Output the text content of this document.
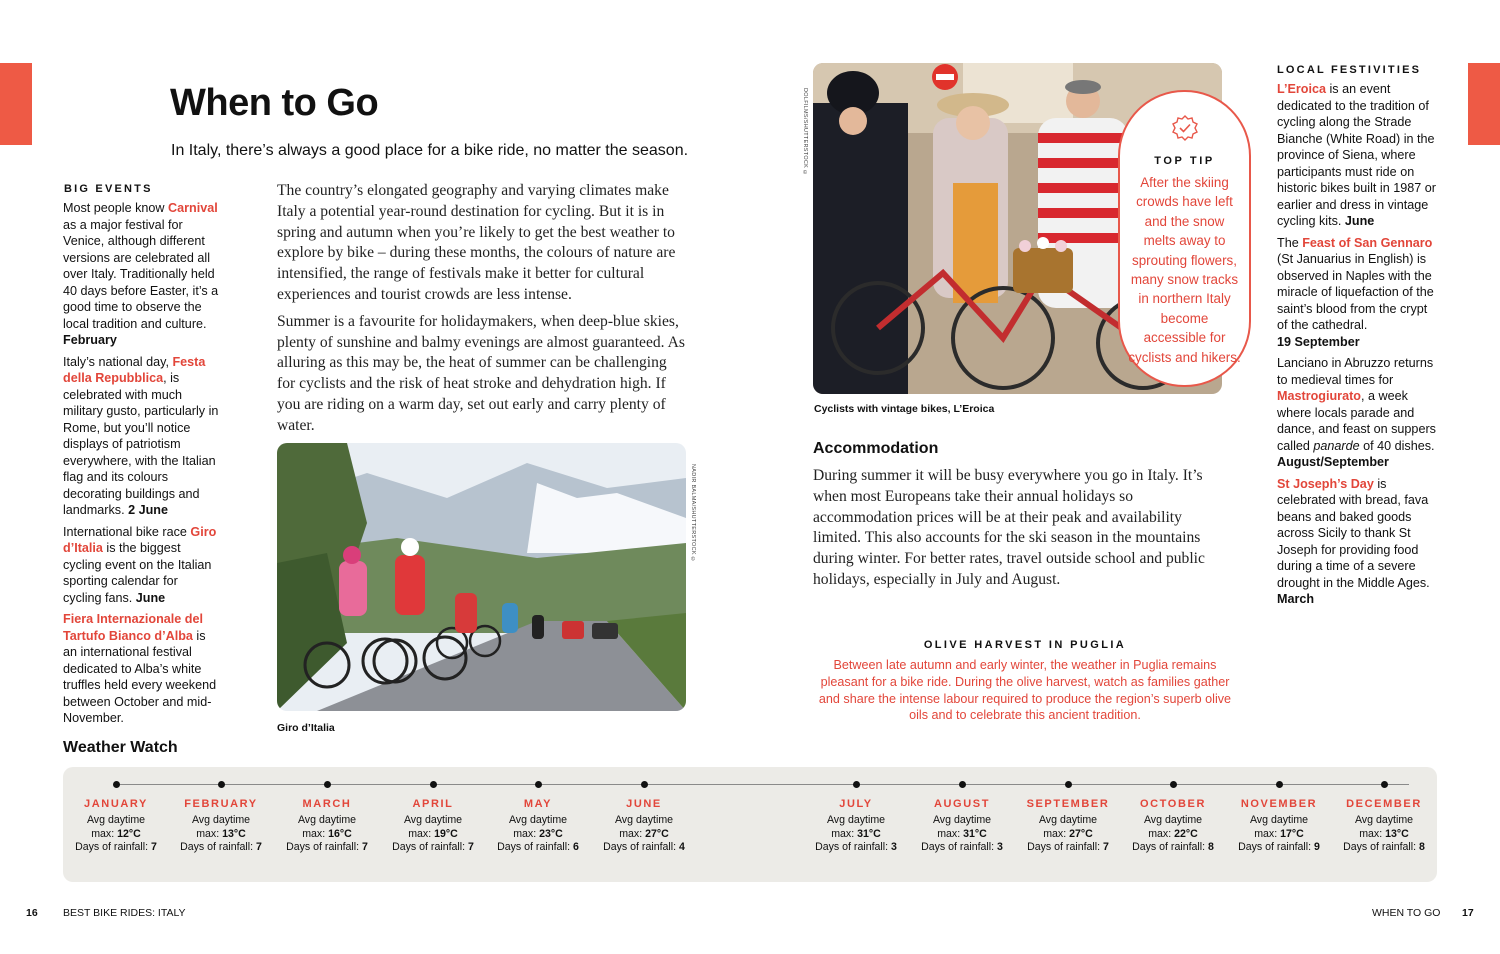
When to Go
In Italy, there’s always a good place for a bike ride, no matter the season.
BIG EVENTS

Most people know Carnival as a major festival for Venice, although different versions are celebrated all over Italy. Traditionally held 40 days before Easter, it’s a good time to observe the local tradition and culture.
February

Italy’s national day, Festa della Repubblica, is celebrated with much military gusto, particularly in Rome, but you’ll notice displays of patriotism everywhere, with the Italian flag and its colours decorating buildings and landmarks. 2 June

International bike race Giro d’Italia is the biggest cycling event on the Italian sporting calendar for cycling fans. June

Fiera Internazionale del Tartufo Bianco d’Alba is an international festival dedicated to Alba’s white truffles held every weekend between October and mid-November.

The country’s elongated geography and varying climates make Italy a potential year-round destination for cycling. But it is in spring and autumn when you’re likely to get the best weather to explore by bike – during these months, the colours of nature are intensified, the range of festivals make it better for cultural experiences and tourist crowds are less intense.

Summer is a favourite for holidaymakers, when deep-blue skies, plenty of sunshine and balmy evenings are almost guaranteed. As alluring as this may be, the heat of summer can be challenging for cyclists and the risk of heat stroke and dehydration high. If you are riding on a warm day, set out early and carry plenty of water.

NADIR BALMA/SHUTTERSTOCK ©
Giro d’Italia
DOLFILMS/SHUTTERSTOCK ©
Cyclists with vintage bikes, L’Eroica
TOP TIP
After the skiing crowds have left and the snow melts away to sprouting flowers, many snow tracks in northern Italy become accessible for cyclists and hikers.
Accommodation
During summer it will be busy everywhere you go in Italy. It’s when most Europeans take their annual holidays so accommodation prices will be at their peak and availability limited. This also accounts for the ski season in the mountains during winter. For better rates, travel outside school and public holidays, especially in July and August.
OLIVE HARVEST IN PUGLIA
Between late autumn and early winter, the weather in Puglia remains pleasant for a bike ride. During the olive harvest, watch as families gather and share the intense labour required to produce the region’s superb olive oils and to celebrate this ancient tradition.
LOCAL FESTIVITIES

L’Eroica is an event dedicated to the tradition of cycling along the Strade Bianche (White Road) in the province of Siena, where participants must ride on historic bikes built in 1987 or earlier and dress in vintage cycling kits. June

The Feast of San Gennaro (St Januarius in English) is observed in Naples with the miracle of liquefaction of the saint’s blood from the crypt of the cathedral.
19 September

Lanciano in Abruzzo returns to medieval times for Mastrogiurato, a week where locals parade and dance, and feast on suppers called panarde of 40 dishes.
August/September

St Joseph’s Day is celebrated with bread, fava beans and baked goods across Sicily to thank St Joseph for providing food during a time of a severe drought in the Middle Ages.
March

Weather Watch
JANUARY
Avg daytime
max: 12°C
Days of rainfall: 7
FEBRUARY
Avg daytime
max: 13°C
Days of rainfall: 7
MARCH
Avg daytime
max: 16°C
Days of rainfall: 7
APRIL
Avg daytime
max: 19°C
Days of rainfall: 7
MAY
Avg daytime
max: 23°C
Days of rainfall: 6
JUNE
Avg daytime
max: 27°C
Days of rainfall: 4
JULY
Avg daytime
max: 31°C
Days of rainfall: 3
AUGUST
Avg daytime
max: 31°C
Days of rainfall: 3
SEPTEMBER
Avg daytime
max: 27°C
Days of rainfall: 7
OCTOBER
Avg daytime
max: 22°C
Days of rainfall: 8
NOVEMBER
Avg daytime
max: 17°C
Days of rainfall: 9
DECEMBER
Avg daytime
max: 13°C
Days of rainfall: 8
16 BEST BIKE RIDES: ITALY	WHEN TO GO 17
